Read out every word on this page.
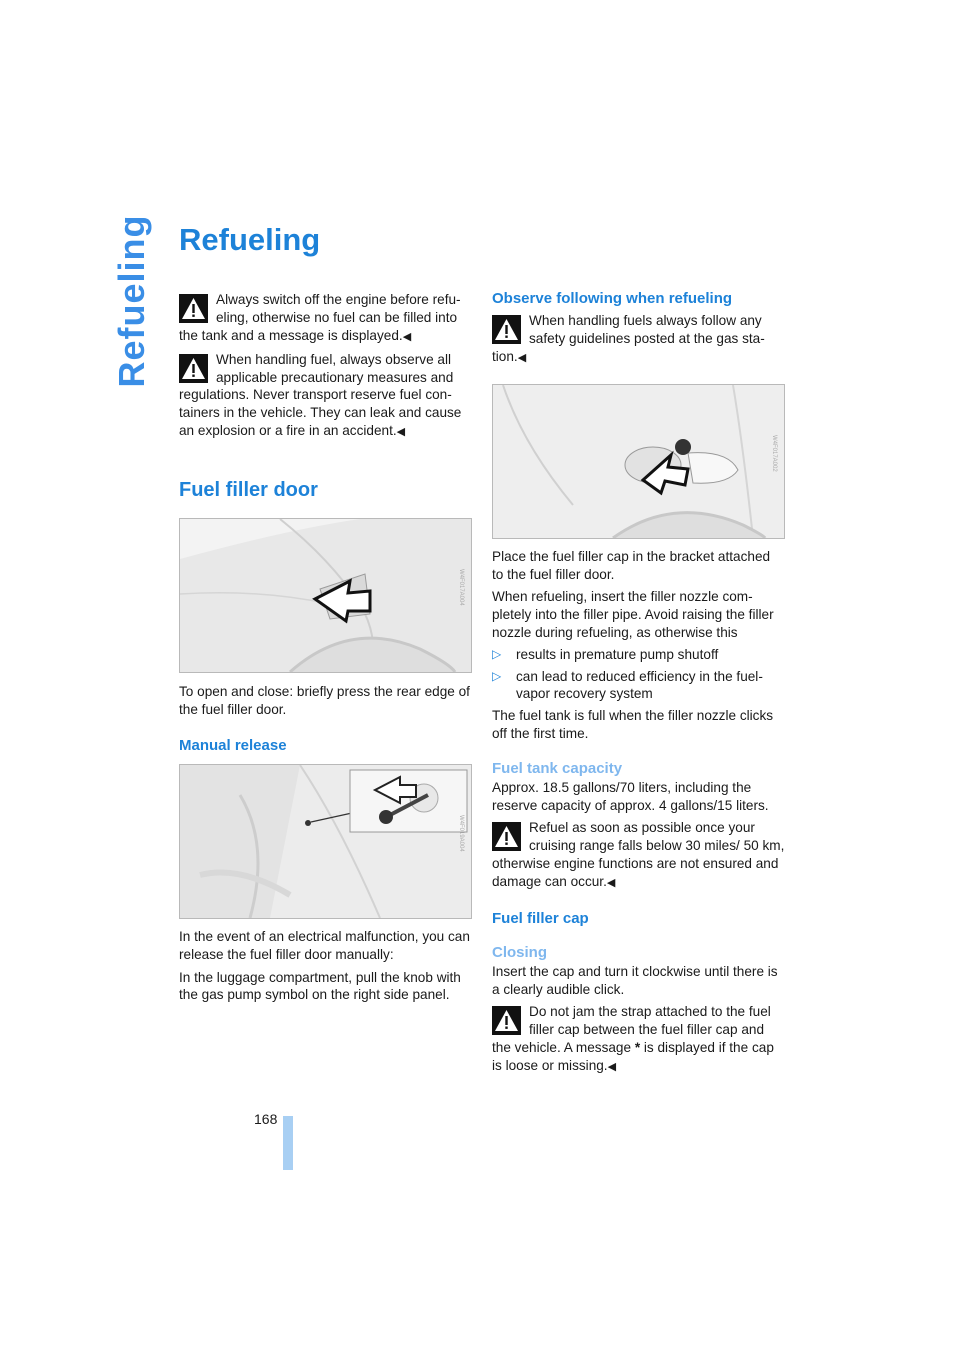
Refueling Refueling

Always switch off the engine before refu-eling, otherwise no fuel can be filled into the tank and a message is displayed.◀

When handling fuel, always observe all applicable precautionary measures and regulations. Never transport reserve fuel con-tainers in the vehicle. They can leak and cause an explosion or a fire in an accident.◀

Fuel filler door
W4F017A004

To open and close: briefly press the rear edge of the fuel filler door.

Manual release
W4F019A004

In the event of an electrical malfunction, you can release the fuel filler door manually:

In the luggage compartment, pull the knob with the gas pump symbol on the right side panel.

Observe following when refueling

When handling fuels always follow any safety guidelines posted at the gas sta-tion.◀

W4F017A002

Place the fuel filler cap in the bracket attached to the fuel filler door.

When refueling, insert the filler nozzle com-pletely into the filler pipe. Avoid raising the filler nozzle during refueling, as otherwise this

▷ results in premature pump shutoff
▷ can lead to reduced efficiency in the fuel-vapor recovery system

The fuel tank is full when the filler nozzle clicks off the first time.

Fuel tank capacity

Approx. 18.5 gallons/70 liters, including the reserve capacity of approx. 4 gallons/15 liters.

Refuel as soon as possible once your cruising range falls below 30 miles/ 50 km, otherwise engine functions are not ensured and damage can occur.◀

Fuel filler cap
Closing

Insert the cap and turn it clockwise until there is a clearly audible click.

Do not jam the strap attached to the fuel filler cap between the fuel filler cap and the vehicle. A message * is displayed if the cap is loose or missing.◀

168
